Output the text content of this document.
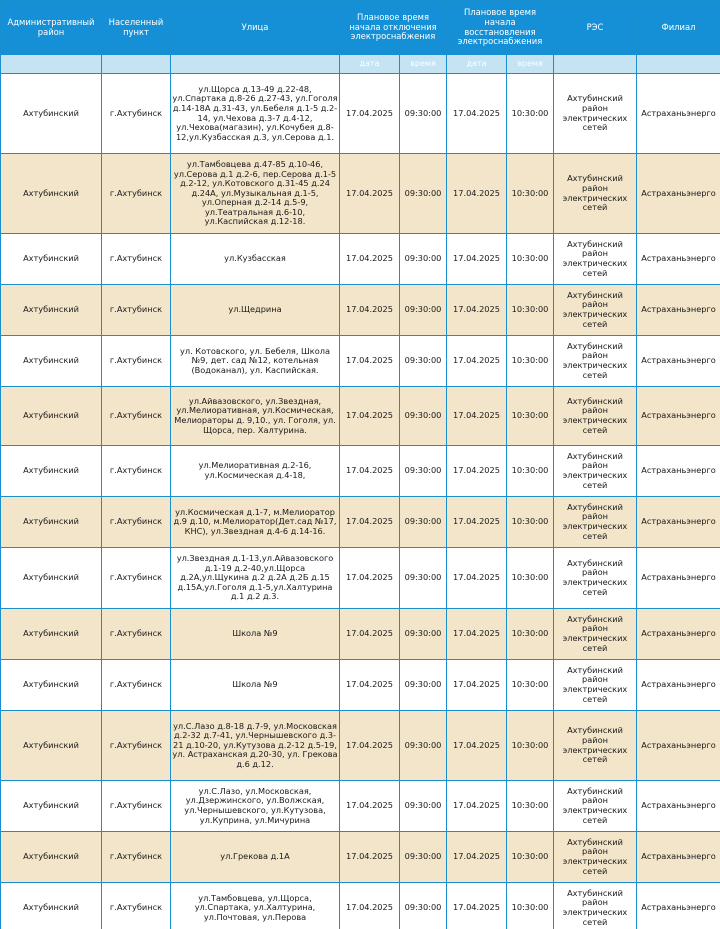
Административный район	Населенный пункт	Улица	Плановое время начала отключения электроснабжения		Плановое время начала восстановления электроснабжения		РЭС	Филиал
			дата	время	дата	время		
Ахтубинский	г.Ахтубинск	ул.Щорса д.13-49 д.22-48, ул.Спартака д.8-26 д.27-43, ул.Гоголя д.14-18А д.31-43, ул.Бебеля д.1-5 д.2-14, ул.Чехова д.3-7 д.4-12, ул.Чехова(магазин), ул.Кочубея д.8-12,ул.Кузбасская д.3, ул.Серова д.1.	17.04.2025	09:30:00	17.04.2025	10:30:00	Ахтубинский район электрических сетей	Астраханьэнерго
Ахтубинский	г.Ахтубинск	ул.Тамбовцева д.47-85 д.10-46, ул.Серова д.1 д.2-6, пер.Серова д.1-5 д.2-12, ул.Котовского д.31-45 д.24 д.24А, ул.Музыкальная д.1-5, ул.Оперная д.2-14 д.5-9, ул.Театральная д.6-10, ул.Каспийская д.12-18.	17.04.2025	09:30:00	17.04.2025	10:30:00	Ахтубинский район электрических сетей	Астраханьэнерго
Ахтубинский	г.Ахтубинск	ул.Кузбасская	17.04.2025	09:30:00	17.04.2025	10:30:00	Ахтубинский район электрических сетей	Астраханьэнерго
Ахтубинский	г.Ахтубинск	ул.Щедрина	17.04.2025	09:30:00	17.04.2025	10:30:00	Ахтубинский район электрических сетей	Астраханьэнерго
Ахтубинский	г.Ахтубинск	ул. Котовского, ул. Бебеля, Школа №9, дет. сад №12, котельная (Водоканал), ул. Каспийская.	17.04.2025	09:30:00	17.04.2025	10:30:00	Ахтубинский район электрических сетей	Астраханьэнерго
Ахтубинский	г.Ахтубинск	ул.Айвазовского, ул.Звездная, ул.Мелиоративная, ул.Космическая, Мелиораторы д. 9,10., ул. Гоголя, ул. Щорса, пер. Халтурина.	17.04.2025	09:30:00	17.04.2025	10:30:00	Ахтубинский район электрических сетей	Астраханьэнерго
Ахтубинский	г.Ахтубинск	ул.Мелиоративная д.2-16, ул.Космическая д.4-18,	17.04.2025	09:30:00	17.04.2025	10:30:00	Ахтубинский район электрических сетей	Астраханьэнерго
Ахтубинский	г.Ахтубинск	ул.Космическая д.1-7, м.Мелиоратор д.9 д.10, м.Мелиоратор(Дет.сад №17, КНС), ул.Звездная д.4-6 д.14-16.	17.04.2025	09:30:00	17.04.2025	10:30:00	Ахтубинский район электрических сетей	Астраханьэнерго
Ахтубинский	г.Ахтубинск	ул.Звездная д.1-13,ул.Айвазовского д.1-19 д.2-40,ул.Щорса д.2А,ул.Щукина д.2 д.2А д.2Б д.15 д.15А,ул.Гоголя д.1-5,ул.Халтурина д.1 д.2 д.3.	17.04.2025	09:30:00	17.04.2025	10:30:00	Ахтубинский район электрических сетей	Астраханьэнерго
Ахтубинский	г.Ахтубинск	Школа №9	17.04.2025	09:30:00	17.04.2025	10:30:00	Ахтубинский район электрических сетей	Астраханьэнерго
Ахтубинский	г.Ахтубинск	Школа №9	17.04.2025	09:30:00	17.04.2025	10:30:00	Ахтубинский район электрических сетей	Астраханьэнерго
Ахтубинский	г.Ахтубинск	ул.С.Лазо д.8-18 д.7-9, ул.Московская д.2-32 д.7-41, ул.Чернышевского д.3-21 д.10-20, ул.Кутузова д.2-12 д.5-19, ул. Астраханская д.20-30, ул. Грекова д.6 д.12.	17.04.2025	09:30:00	17.04.2025	10:30:00	Ахтубинский район электрических сетей	Астраханьэнерго
Ахтубинский	г.Ахтубинск	ул.С.Лазо, ул.Московская, ул.Дзержинского, ул.Волжская, ул.Чернышевского, ул.Кутузова, ул.Куприна, ул.Мичурина	17.04.2025	09:30:00	17.04.2025	10:30:00	Ахтубинский район электрических сетей	Астраханьэнерго
Ахтубинский	г.Ахтубинск	ул.Грекова д.1А	17.04.2025	09:30:00	17.04.2025	10:30:00	Ахтубинский район электрических сетей	Астраханьэнерго
Ахтубинский	г.Ахтубинск	ул.Тамбовцева, ул.Щорса, ул.Спартака, ул.Халтурина, ул.Почтовая, ул.Перова	17.04.2025	09:30:00	17.04.2025	10:30:00	Ахтубинский район электрических сетей	Астраханьэнерго
